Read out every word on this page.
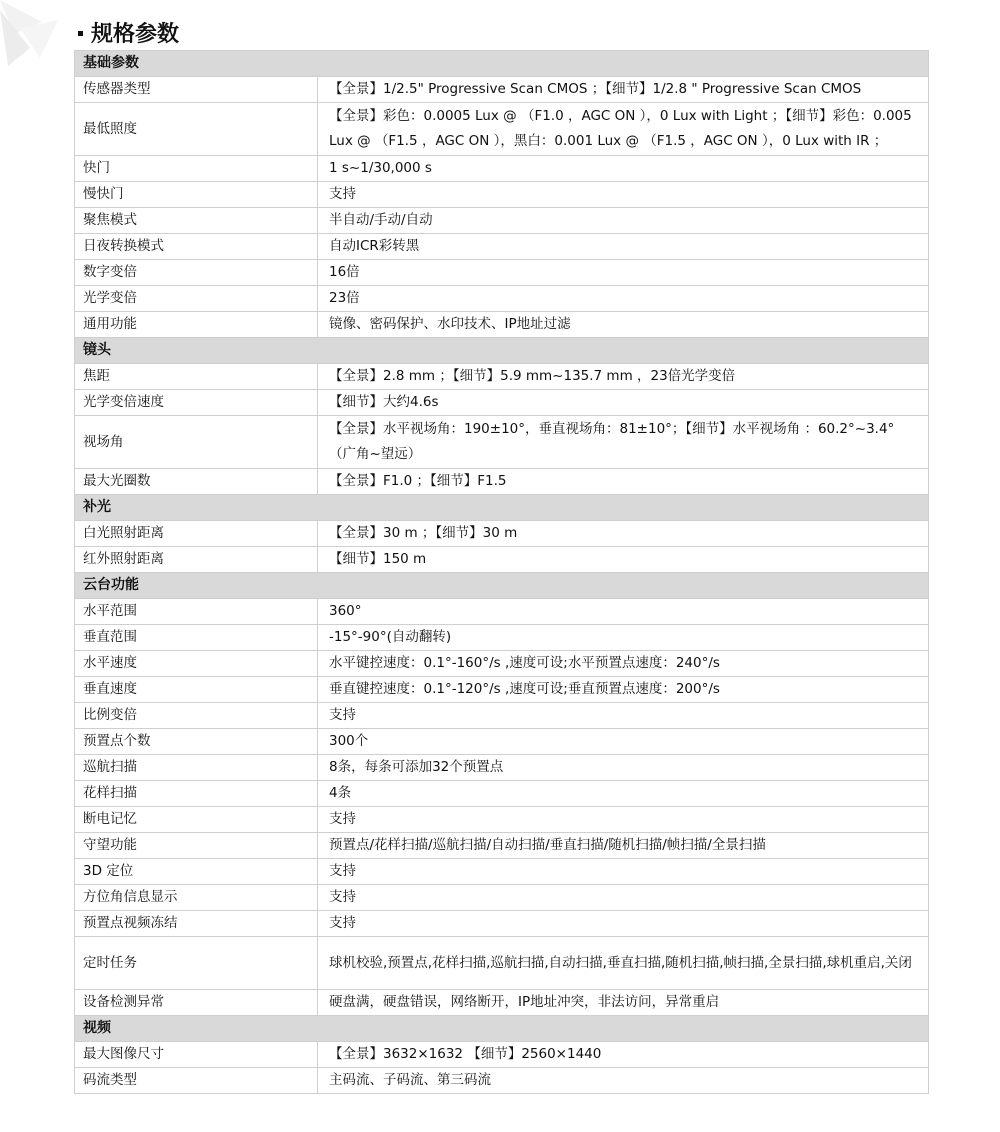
规格参数
基础参数	
传感器类型	【全景】1/2.5" Progressive Scan CMOS ；【细节】1/2.8 " Progressive Scan CMOS
最低照度	【全景】彩色：0.0005 Lux @ （F1.0 ，AGC ON ），0 Lux with Light ；【细节】彩色：0.005 Lux @ （F1.5 ，AGC ON ），黑白：0.001 Lux @ （F1.5 ，AGC ON ），0 Lux with IR ；
快门	1 s~1/30,000 s
慢快门	支持
聚焦模式	半自动/手动/自动
日夜转换模式	自动ICR彩转黑
数字变倍	16倍
光学变倍	23倍
通用功能	镜像、密码保护、水印技术、IP地址过滤
镜头	
焦距	【全景】2.8 mm ；【细节】5.9 mm~135.7 mm ，23倍光学变倍
光学变倍速度	【细节】大约4.6s
视场角	【全景】水平视场角：190±10°，垂直视场角：81±10°；【细节】水平视场角 ：60.2°~3.4°（广角~望远）
最大光圈数	【全景】F1.0 ；【细节】F1.5
补光	
白光照射距离	【全景】30 m ；【细节】30 m
红外照射距离	【细节】150 m
云台功能	
水平范围	360°
垂直范围	-15°-90°(自动翻转)
水平速度	水平键控速度：0.1°-160°/s ,速度可设;水平预置点速度：240°/s
垂直速度	垂直键控速度：0.1°-120°/s ,速度可设;垂直预置点速度：200°/s
比例变倍	支持
预置点个数	300个
巡航扫描	8条，每条可添加32个预置点
花样扫描	4条
断电记忆	支持
守望功能	预置点/花样扫描/巡航扫描/自动扫描/垂直扫描/随机扫描/帧扫描/全景扫描
3D 定位	支持
方位角信息显示	支持
预置点视频冻结	支持
定时任务	球机校验,预置点,花样扫描,巡航扫描,自动扫描,垂直扫描,随机扫描,帧扫描,全景扫描,球机重启,关闭
设备检测异常	硬盘满，硬盘错误，网络断开，IP地址冲突，非法访问，异常重启
视频	
最大图像尺寸	【全景】3632×1632 【细节】2560×1440
码流类型	主码流、子码流、第三码流
